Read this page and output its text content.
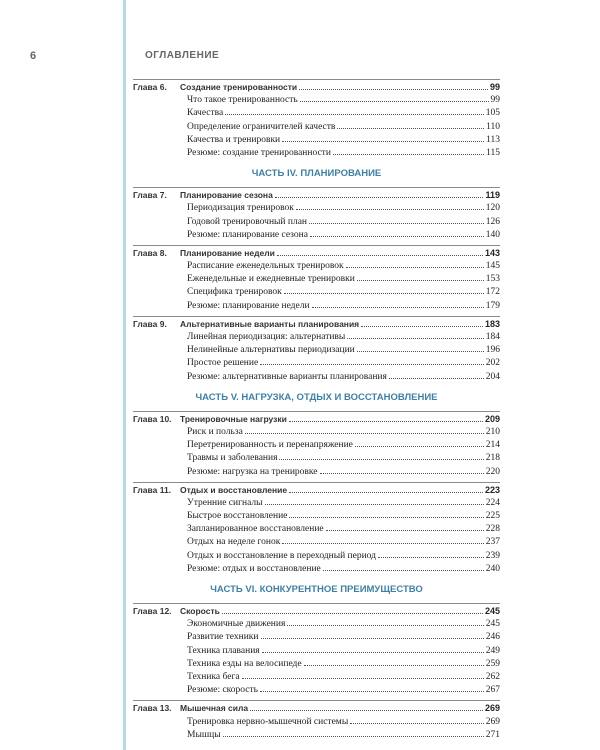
6	ОГЛАВЛЕНИЕ
Глава 6.	Создание тренированности	99
Что такое тренированность	99
Качества	105
Определение ограничителей качеств	110
Качества и тренировки	113
Резюме: создание тренированности	115
ЧАСТЬ IV. ПЛАНИРОВАНИЕ
Глава 7.	Планирование сезона	119
Периодизация тренировок	120
Годовой тренировочный план	126
Резюме: планирование сезона	140
Глава 8.	Планирование недели	143
Расписание еженедельных тренировок	145
Еженедельные и ежедневные тренировки	153
Специфика тренировок	172
Резюме: планирование недели	179
Глава 9.	Альтернативные варианты планирования	183
Линейная периодизация: альтернативы	184
Нелинейные альтернативы периодизации	196
Простое решение	202
Резюме: альтернативные варианты планирования	204
ЧАСТЬ V. НАГРУЗКА, ОТДЫХ И ВОССТАНОВЛЕНИЕ
Глава 10. Тренировочные нагрузки	209
Риск и польза	210
Перетренированность и перенапряжение	214
Травмы и заболевания	218
Резюме: нагрузка на тренировке	220
Глава 11.	Отдых и восстановление	223
Утренние сигналы	224
Быстрое восстановление	225
Запланированное восстановление	228
Отдых на неделе гонок	237
Отдых и восстановление в переходный период	239
Резюме: отдых и восстановление	240
ЧАСТЬ VI. КОНКУРЕНТНОЕ ПРЕИМУЩЕСТВО
Глава 12. Скорость	245
Экономичные движения	245
Развитие техники	246
Техника плавания	249
Техника езды на велосипеде	259
Техника бега	262
Резюме: скорость	267
Глава 13. Мышечная сила	269
Тренировка нервно-мышечной системы	269
Мышцы	271
